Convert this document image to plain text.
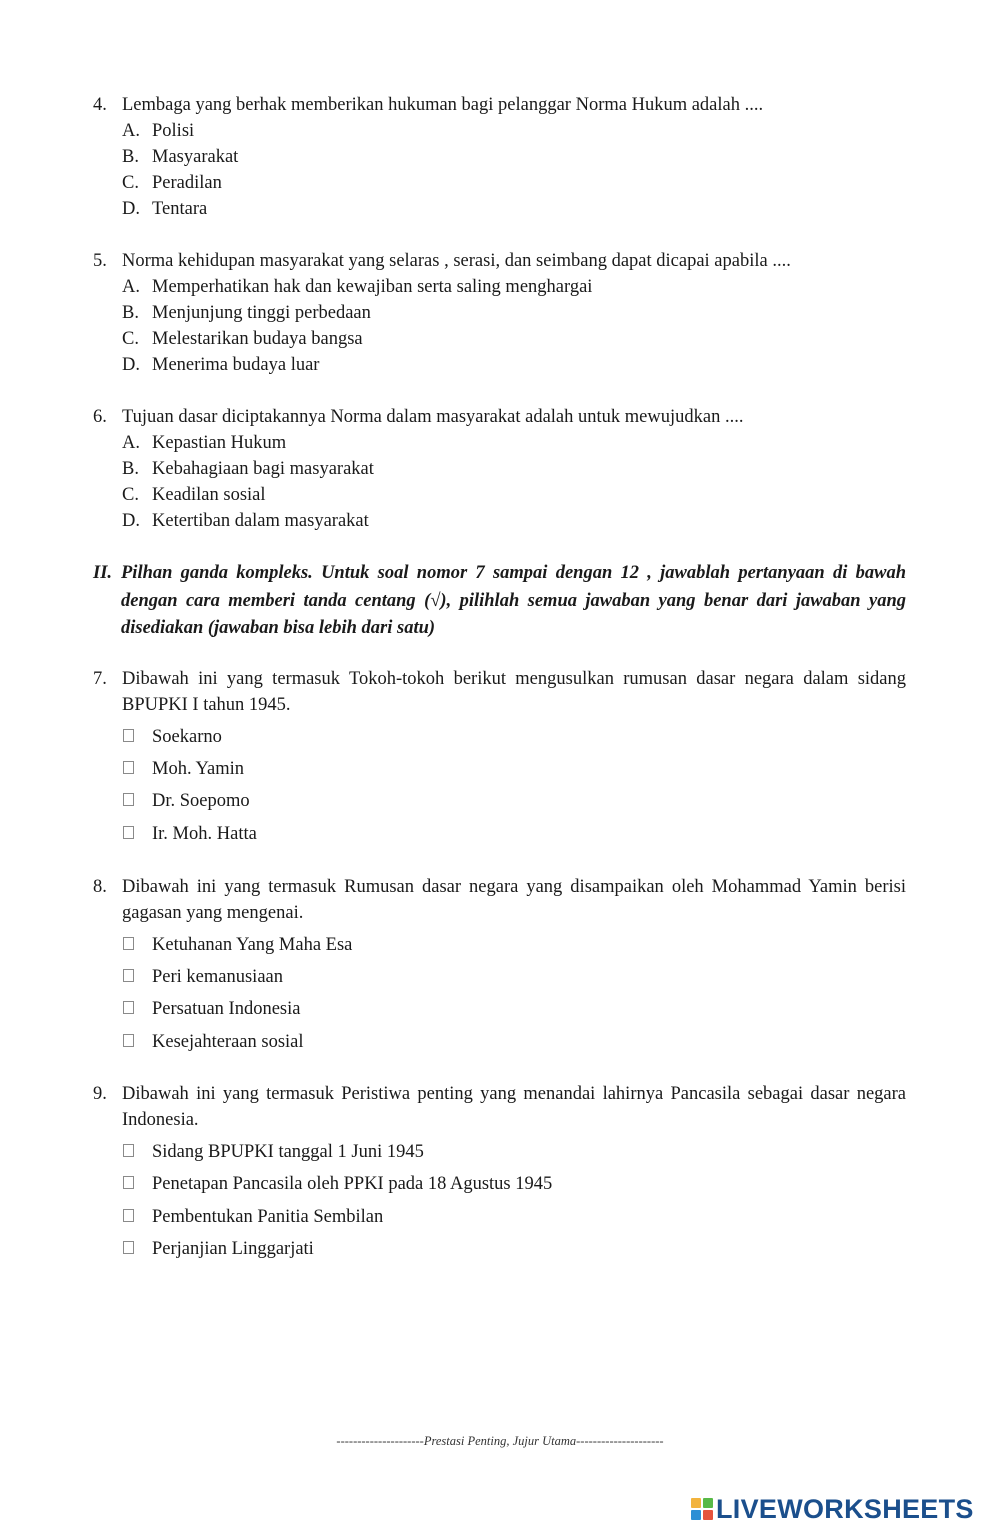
4. Lembaga yang berhak memberikan hukuman bagi pelanggar Norma Hukum adalah ....
A. Polisi
B. Masyarakat
C. Peradilan
D. Tentara
5. Norma kehidupan masyarakat yang selaras , serasi, dan seimbang dapat dicapai apabila ....
A. Memperhatikan hak dan kewajiban serta saling menghargai
B. Menjunjung tinggi perbedaan
C. Melestarikan budaya bangsa
D. Menerima budaya luar
6. Tujuan dasar diciptakannya Norma dalam masyarakat adalah untuk mewujudkan ....
A. Kepastian Hukum
B. Kebahagiaan bagi masyarakat
C. Keadilan sosial
D. Ketertiban dalam masyarakat
II. Pilhan ganda kompleks. Untuk soal nomor 7 sampai dengan 12 , jawablah pertanyaan di bawah dengan cara memberi tanda centang (√), pilihlah semua jawaban yang benar dari jawaban yang disediakan (jawaban bisa lebih dari satu)
7. Dibawah ini yang termasuk Tokoh-tokoh berikut mengusulkan rumusan dasar negara dalam sidang BPUPKI I tahun 1945.
Soekarno
Moh. Yamin
Dr. Soepomo
Ir. Moh. Hatta
8. Dibawah ini yang termasuk Rumusan dasar negara yang disampaikan oleh Mohammad Yamin berisi gagasan yang mengenai.
Ketuhanan Yang Maha Esa
Peri kemanusiaan
Persatuan Indonesia
Kesejahteraan sosial
9. Dibawah ini yang termasuk Peristiwa penting yang menandai lahirnya Pancasila sebagai dasar negara Indonesia.
Sidang BPUPKI tanggal 1 Juni 1945
Penetapan Pancasila oleh PPKI pada 18 Agustus 1945
Pembentukan Panitia Sembilan
Perjanjian Linggarjati
---------------------Prestasi Penting, Jujur Utama---------------------
LIVEWORKSHEETS
